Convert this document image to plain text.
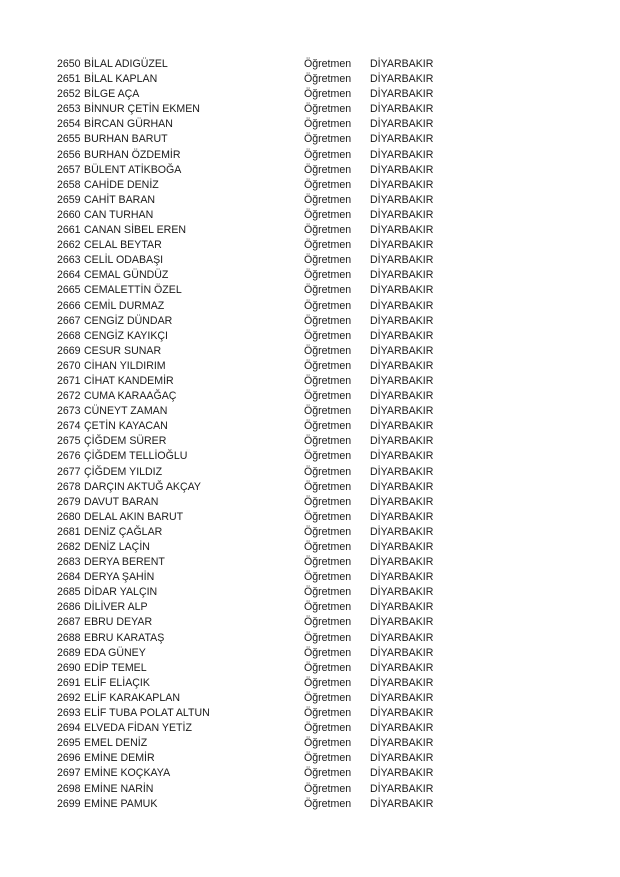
2650 BİLAL ADIGÜZEL	Öğretmen DİYARBAKIR
2651 BİLAL KAPLAN	Öğretmen DİYARBAKIR
2652 BİLGE AÇA	Öğretmen DİYARBAKIR
2653 BİNNUR ÇETİN EKMEN	Öğretmen DİYARBAKIR
2654 BİRCAN GÜRHAN	Öğretmen DİYARBAKIR
2655 BURHAN BARUT	Öğretmen DİYARBAKIR
2656 BURHAN ÖZDEMİR	Öğretmen DİYARBAKIR
2657 BÜLENT ATİKBOĞA	Öğretmen DİYARBAKIR
2658 CAHİDE DENİZ	Öğretmen DİYARBAKIR
2659 CAHİT BARAN	Öğretmen DİYARBAKIR
2660 CAN TURHAN	Öğretmen DİYARBAKIR
2661 CANAN SİBEL EREN	Öğretmen DİYARBAKIR
2662 CELAL BEYTAR	Öğretmen DİYARBAKIR
2663 CELİL ODABAŞI	Öğretmen DİYARBAKIR
2664 CEMAL GÜNDÜZ	Öğretmen DİYARBAKIR
2665 CEMALETTİN ÖZEL	Öğretmen DİYARBAKIR
2666 CEMİL DURMAZ	Öğretmen DİYARBAKIR
2667 CENGİZ DÜNDAR	Öğretmen DİYARBAKIR
2668 CENGİZ KAYIKÇI	Öğretmen DİYARBAKIR
2669 CESUR SUNAR	Öğretmen DİYARBAKIR
2670 CİHAN YILDIRIM	Öğretmen DİYARBAKIR
2671 CİHAT KANDEMİR	Öğretmen DİYARBAKIR
2672 CUMA KARAAĞAÇ	Öğretmen DİYARBAKIR
2673 CÜNEYT ZAMAN	Öğretmen DİYARBAKIR
2674 ÇETİN KAYACAN	Öğretmen DİYARBAKIR
2675 ÇİĞDEM SÜRER	Öğretmen DİYARBAKIR
2676 ÇİĞDEM TELLİOĞLU	Öğretmen DİYARBAKIR
2677 ÇİĞDEM YILDIZ	Öğretmen DİYARBAKIR
2678 DARÇIN AKTUĞ AKÇAY	Öğretmen DİYARBAKIR
2679 DAVUT BARAN	Öğretmen DİYARBAKIR
2680 DELAL AKIN BARUT	Öğretmen DİYARBAKIR
2681 DENİZ ÇAĞLAR	Öğretmen DİYARBAKIR
2682 DENİZ LAÇİN	Öğretmen DİYARBAKIR
2683 DERYA BERENT	Öğretmen DİYARBAKIR
2684 DERYA ŞAHİN	Öğretmen DİYARBAKIR
2685 DİDAR YALÇIN	Öğretmen DİYARBAKIR
2686 DİLİVER ALP	Öğretmen DİYARBAKIR
2687 EBRU DEYAR	Öğretmen DİYARBAKIR
2688 EBRU KARATAŞ	Öğretmen DİYARBAKIR
2689 EDA GÜNEY	Öğretmen DİYARBAKIR
2690 EDİP TEMEL	Öğretmen DİYARBAKIR
2691 ELİF ELİAÇIK	Öğretmen DİYARBAKIR
2692 ELİF KARAKAPLAN	Öğretmen DİYARBAKIR
2693 ELİF TUBA POLAT ALTUN	Öğretmen DİYARBAKIR
2694 ELVEDA FİDAN YETİZ	Öğretmen DİYARBAKIR
2695 EMEL DENİZ	Öğretmen DİYARBAKIR
2696 EMİNE DEMİR	Öğretmen DİYARBAKIR
2697 EMİNE KOÇKAYA	Öğretmen DİYARBAKIR
2698 EMİNE NARİN	Öğretmen DİYARBAKIR
2699 EMİNE PAMUK	Öğretmen DİYARBAKIR
